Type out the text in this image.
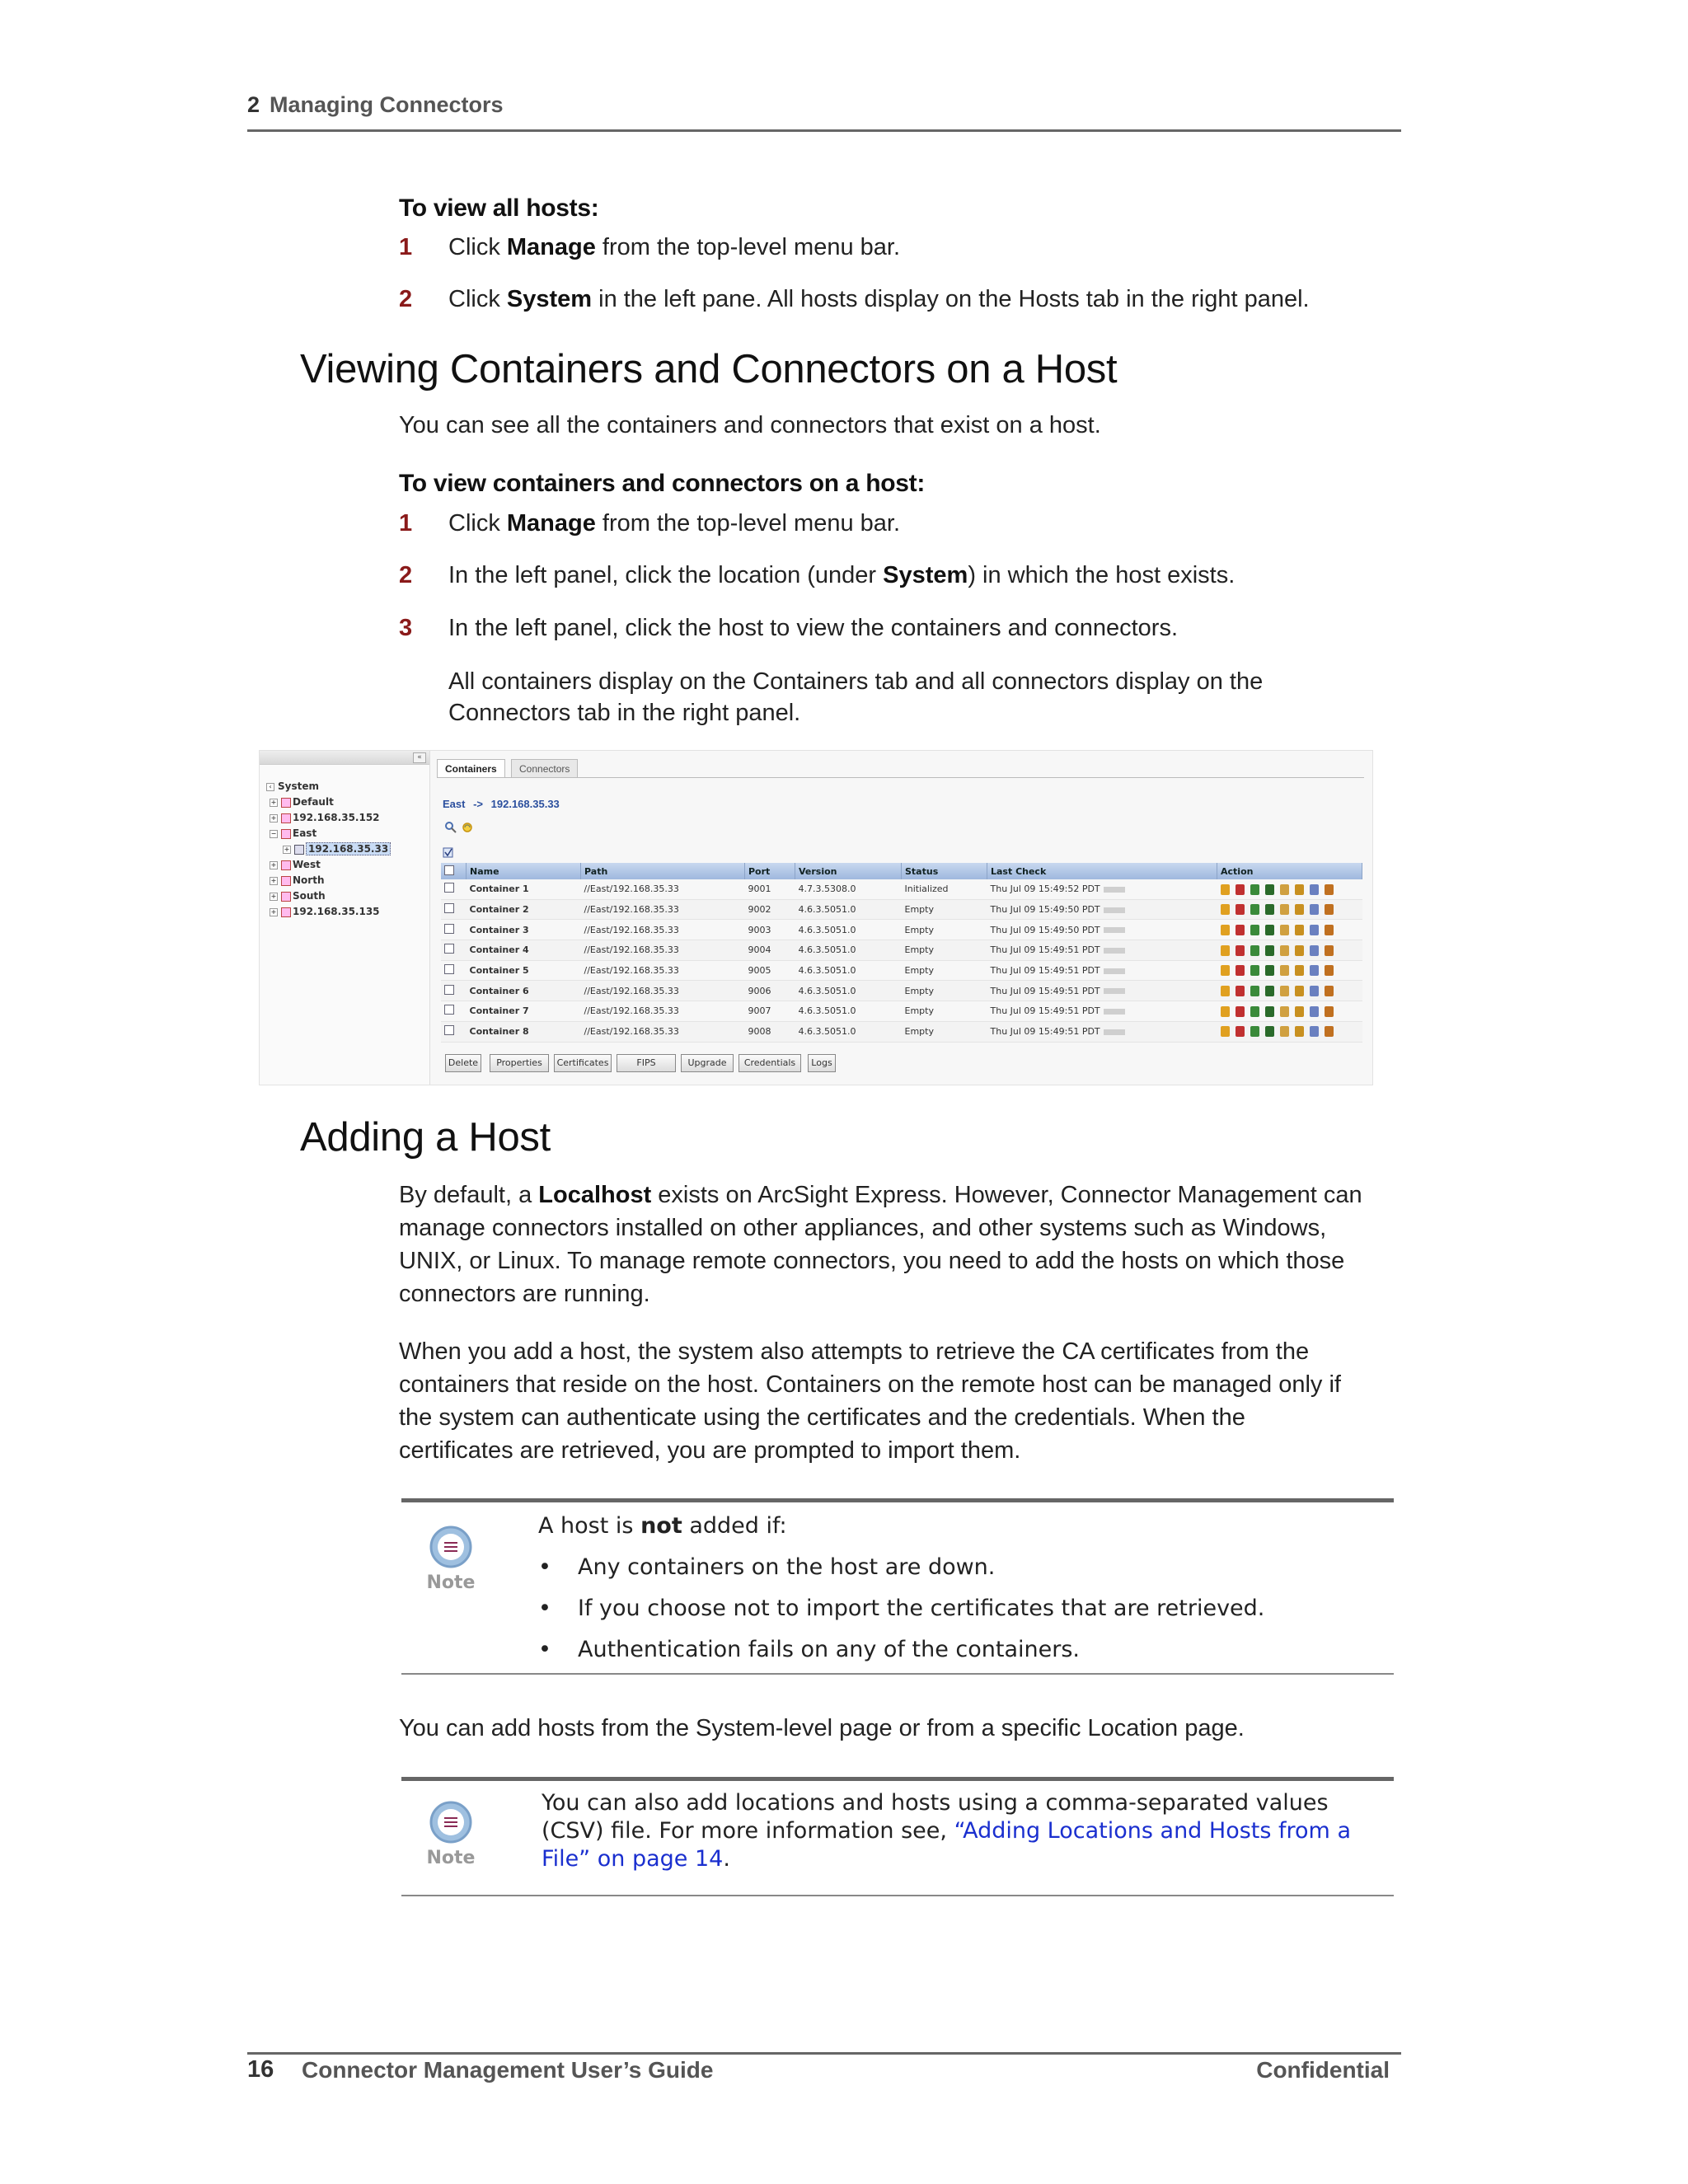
2 Managing Connectors
To view all hosts:
1 Click Manage from the top-level menu bar.
2 Click System in the left pane. All hosts display on the Hosts tab in the right panel.
Viewing Containers and Connectors on a Host
You can see all the containers and connectors that exist on a host.
To view containers and connectors on a host:
1 Click Manage from the top-level menu bar.
2 In the left panel, click the location (under System) in which the host exists.
3 In the left panel, click the host to view the containers and connectors.
All containers display on the Containers tab and all connectors display on the Connectors tab in the right panel.
«
‹ System
+ Default
+ 192.168.35.152
− East
+ 192.168.35.33
+ West
+ North
+ South
+ 192.168.35.135
Containers	Connectors
East -> 192.168.35.33
	Name	Path	Port	Version	Status	Last Check	Action
	Container 1	//East/192.168.35.33	9001	4.7.3.5308.0	Initialized	Thu Jul 09 15:49:52 PDT	
	Container 2	//East/192.168.35.33	9002	4.6.3.5051.0	Empty	Thu Jul 09 15:49:50 PDT	
	Container 3	//East/192.168.35.33	9003	4.6.3.5051.0	Empty	Thu Jul 09 15:49:50 PDT	
	Container 4	//East/192.168.35.33	9004	4.6.3.5051.0	Empty	Thu Jul 09 15:49:51 PDT	
	Container 5	//East/192.168.35.33	9005	4.6.3.5051.0	Empty	Thu Jul 09 15:49:51 PDT	
	Container 6	//East/192.168.35.33	9006	4.6.3.5051.0	Empty	Thu Jul 09 15:49:51 PDT	
	Container 7	//East/192.168.35.33	9007	4.6.3.5051.0	Empty	Thu Jul 09 15:49:51 PDT	
	Container 8	//East/192.168.35.33	9008	4.6.3.5051.0	Empty	Thu Jul 09 15:49:51 PDT	
Delete	Properties	Certificates	FIPS	Upgrade	Credentials	Logs
Adding a Host
By default, a Localhost exists on ArcSight Express. However, Connector Management can
manage connectors installed on other appliances, and other systems such as Windows,
UNIX, or Linux. To manage remote connectors, you need to add the hosts on which those
connectors are running.
When you add a host, the system also attempts to retrieve the CA certificates from the
containers that reside on the host. Containers on the remote host can be managed only if
the system can authenticate using the certificates and the credentials. When the
certificates are retrieved, you are prompted to import them.
Note
A host is not added if:
• Any containers on the host are down.
• If you choose not to import the certificates that are retrieved.
• Authentication fails on any of the containers.
You can add hosts from the System-level page or from a specific Location page.
Note
You can also add locations and hosts using a comma-separated values
(CSV) file. For more information see, “Adding Locations and Hosts from a
File” on page 14.
16 Connector Management User’s Guide	Confidential
